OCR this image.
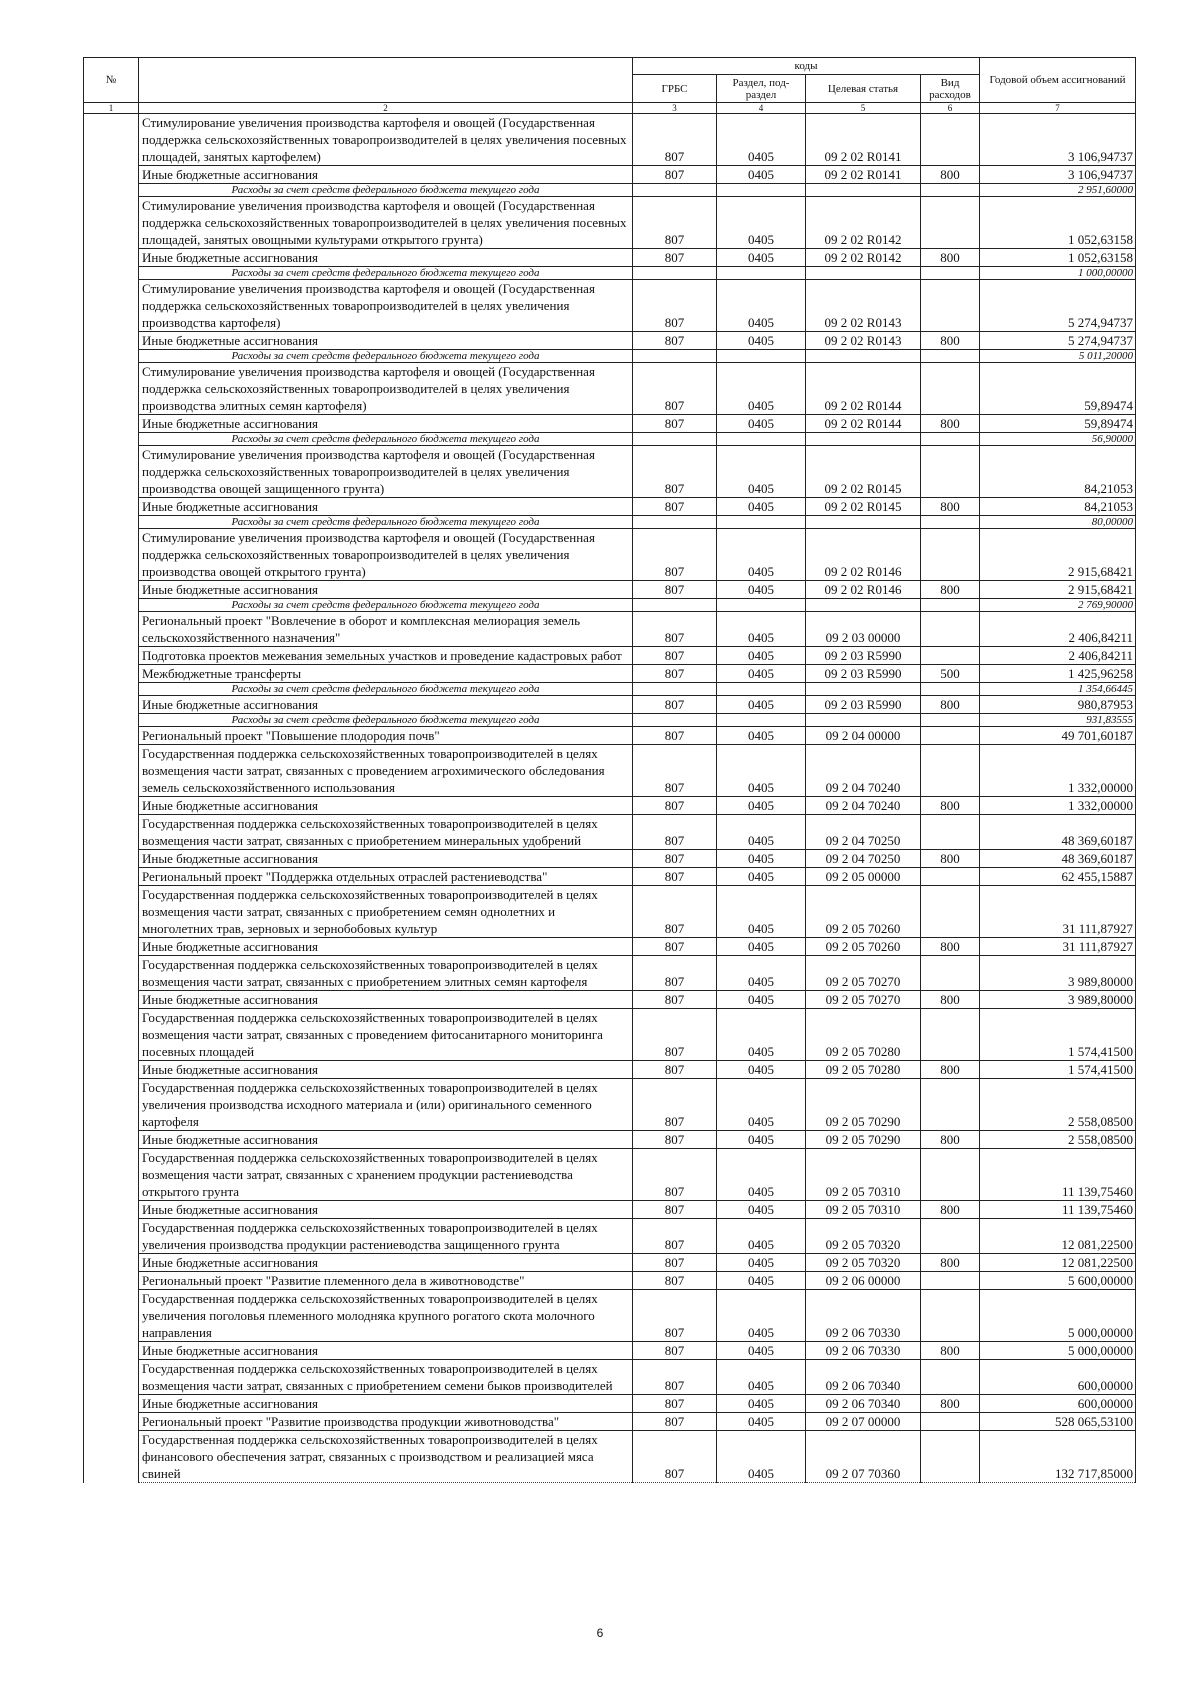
№		коды				Годовой объем ассигнований
		ГРБС	Раздел, под-раздел	Целевая статья	Вид расходов	
1	2	3	4	5	6	7
	Стимулирование увеличения производства картофеля и овощей (Государственная поддержка сельскохозяйственных товаропроизводителей в целях увеличения посевных площадей, занятых картофелем)	807	0405	09 2 02 R0141		3 106,94737
	Иные бюджетные ассигнования	807	0405	09 2 02 R0141	800	3 106,94737
	Расходы за счет средств федерального бюджета текущего года					2 951,60000
	Стимулирование увеличения производства картофеля и овощей (Государственная поддержка сельскохозяйственных товаропроизводителей в целях увеличения посевных площадей, занятых овощными культурами открытого грунта)	807	0405	09 2 02 R0142		1 052,63158
	Иные бюджетные ассигнования	807	0405	09 2 02 R0142	800	1 052,63158
	Расходы за счет средств федерального бюджета текущего года					1 000,00000
	Стимулирование увеличения производства картофеля и овощей (Государственная поддержка сельскохозяйственных товаропроизводителей в целях увеличения производства картофеля)	807	0405	09 2 02 R0143		5 274,94737
	Иные бюджетные ассигнования	807	0405	09 2 02 R0143	800	5 274,94737
	Расходы за счет средств федерального бюджета текущего года					5 011,20000
	Стимулирование увеличения производства картофеля и овощей (Государственная поддержка сельскохозяйственных товаропроизводителей в целях увеличения производства элитных семян картофеля)	807	0405	09 2 02 R0144		59,89474
	Иные бюджетные ассигнования	807	0405	09 2 02 R0144	800	59,89474
	Расходы за счет средств федерального бюджета текущего года					56,90000
	Стимулирование увеличения производства картофеля и овощей (Государственная поддержка сельскохозяйственных товаропроизводителей в целях увеличения производства овощей защищенного грунта)	807	0405	09 2 02 R0145		84,21053
	Иные бюджетные ассигнования	807	0405	09 2 02 R0145	800	84,21053
	Расходы за счет средств федерального бюджета текущего года					80,00000
	Стимулирование увеличения производства картофеля и овощей (Государственная поддержка сельскохозяйственных товаропроизводителей в целях увеличения производства овощей открытого грунта)	807	0405	09 2 02 R0146		2 915,68421
	Иные бюджетные ассигнования	807	0405	09 2 02 R0146	800	2 915,68421
	Расходы за счет средств федерального бюджета текущего года					2 769,90000
	Региональный проект "Вовлечение в оборот и комплексная мелиорация земель сельскохозяйственного назначения"	807	0405	09 2 03 00000		2 406,84211
	Подготовка проектов межевания земельных участков и проведение кадастровых работ	807	0405	09 2 03 R5990		2 406,84211
	Межбюджетные трансферты	807	0405	09 2 03 R5990	500	1 425,96258
	Расходы за счет средств федерального бюджета текущего года					1 354,66445
	Иные бюджетные ассигнования	807	0405	09 2 03 R5990	800	980,87953
	Расходы за счет средств федерального бюджета текущего года					931,83555
	Региональный проект "Повышение плодородия почв"	807	0405	09 2 04 00000		49 701,60187
	Государственная поддержка сельскохозяйственных товаропроизводителей в целях возмещения части затрат, связанных с проведением агрохимического обследования земель сельскохозяйственного использования	807	0405	09 2 04 70240		1 332,00000
	Иные бюджетные ассигнования	807	0405	09 2 04 70240	800	1 332,00000
	Государственная поддержка сельскохозяйственных товаропроизводителей в целях возмещения части затрат, связанных с приобретением минеральных удобрений	807	0405	09 2 04 70250		48 369,60187
	Иные бюджетные ассигнования	807	0405	09 2 04 70250	800	48 369,60187
	Региональный проект "Поддержка отдельных отраслей растениеводства"	807	0405	09 2 05 00000		62 455,15887
	Государственная поддержка сельскохозяйственных товаропроизводителей в целях возмещения части затрат, связанных с приобретением семян однолетних и многолетних трав, зерновых и зернобобовых культур	807	0405	09 2 05 70260		31 111,87927
	Иные бюджетные ассигнования	807	0405	09 2 05 70260	800	31 111,87927
	Государственная поддержка сельскохозяйственных товаропроизводителей в целях возмещения части затрат, связанных с приобретением элитных семян картофеля	807	0405	09 2 05 70270		3 989,80000
	Иные бюджетные ассигнования	807	0405	09 2 05 70270	800	3 989,80000
	Государственная поддержка сельскохозяйственных товаропроизводителей в целях возмещения части затрат, связанных с проведением фитосанитарного мониторинга посевных площадей	807	0405	09 2 05 70280		1 574,41500
	Иные бюджетные ассигнования	807	0405	09 2 05 70280	800	1 574,41500
	Государственная поддержка сельскохозяйственных товаропроизводителей в целях увеличения производства исходного материала и (или) оригинального семенного картофеля	807	0405	09 2 05 70290		2 558,08500
	Иные бюджетные ассигнования	807	0405	09 2 05 70290	800	2 558,08500
	Государственная поддержка сельскохозяйственных товаропроизводителей в целях возмещения части затрат, связанных с хранением продукции растениеводства открытого грунта	807	0405	09 2 05 70310		11 139,75460
	Иные бюджетные ассигнования	807	0405	09 2 05 70310	800	11 139,75460
	Государственная поддержка сельскохозяйственных товаропроизводителей в целях увеличения производства продукции растениеводства защищенного грунта	807	0405	09 2 05 70320		12 081,22500
	Иные бюджетные ассигнования	807	0405	09 2 05 70320	800	12 081,22500
	Региональный проект "Развитие племенного дела в животноводстве"	807	0405	09 2 06 00000		5 600,00000
	Государственная поддержка сельскохозяйственных товаропроизводителей в целях увеличения поголовья племенного молодняка крупного рогатого скота молочного направления	807	0405	09 2 06 70330		5 000,00000
	Иные бюджетные ассигнования	807	0405	09 2 06 70330	800	5 000,00000
	Государственная поддержка сельскохозяйственных товаропроизводителей в целях возмещения части затрат, связанных с приобретением семени быков производителей	807	0405	09 2 06 70340		600,00000
	Иные бюджетные ассигнования	807	0405	09 2 06 70340	800	600,00000
	Региональный проект "Развитие производства продукции животноводства"	807	0405	09 2 07 00000		528 065,53100
	Государственная поддержка сельскохозяйственных товаропроизводителей в целях финансового обеспечения затрат, связанных с производством и реализацией мяса свиней	807	0405	09 2 07 70360		132 717,85000
6
